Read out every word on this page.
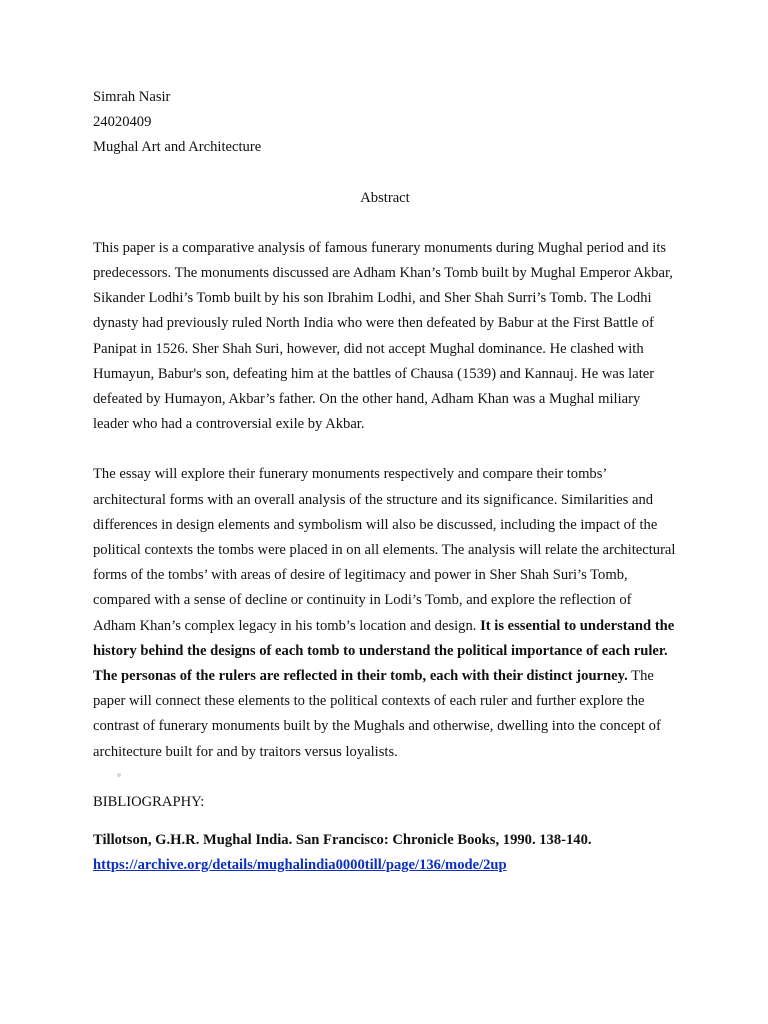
Simrah Nasir
24020409
Mughal Art and Architecture
Abstract

This paper is a comparative analysis of famous funerary monuments during Mughal period and its predecessors. The monuments discussed are Adham Khan’s Tomb built by Mughal Emperor Akbar, Sikander Lodhi’s Tomb built by his son Ibrahim Lodhi, and Sher Shah Surri’s Tomb. The Lodhi dynasty had previously ruled North India who were then defeated by Babur at the First Battle of Panipat in 1526. Sher Shah Suri, however, did not accept Mughal dominance. He clashed with Humayun, Babur's son, defeating him at the battles of Chausa (1539) and Kannauj. He was later defeated by Humayon, Akbar’s father. On the other hand, Adham Khan was a Mughal miliary leader who had a controversial exile by Akbar.

The essay will explore their funerary monuments respectively and compare their tombs’ architectural forms with an overall analysis of the structure and its significance. Similarities and differences in design elements and symbolism will also be discussed, including the impact of the political contexts the tombs were placed in on all elements. The analysis will relate the architectural forms of the tombs’ with areas of desire of legitimacy and power in Sher Shah Suri’s Tomb, compared with a sense of decline or continuity in Lodi’s Tomb, and explore the reflection of Adham Khan’s complex legacy in his tomb’s location and design. It is essential to understand the history behind the designs of each tomb to understand the political importance of each ruler. The personas of the rulers are reflected in their tomb, each with their distinct journey. The paper will connect these elements to the political contexts of each ruler and further explore the contrast of funerary monuments built by the Mughals and otherwise, dwelling into the concept of architecture built for and by traitors versus loyalists.

BIBLIOGRAPHY:

Tillotson, G.H.R. Mughal India. San Francisco: Chronicle Books, 1990. 138-140.

https://archive.org/details/mughalindia0000till/page/136/mode/2up
